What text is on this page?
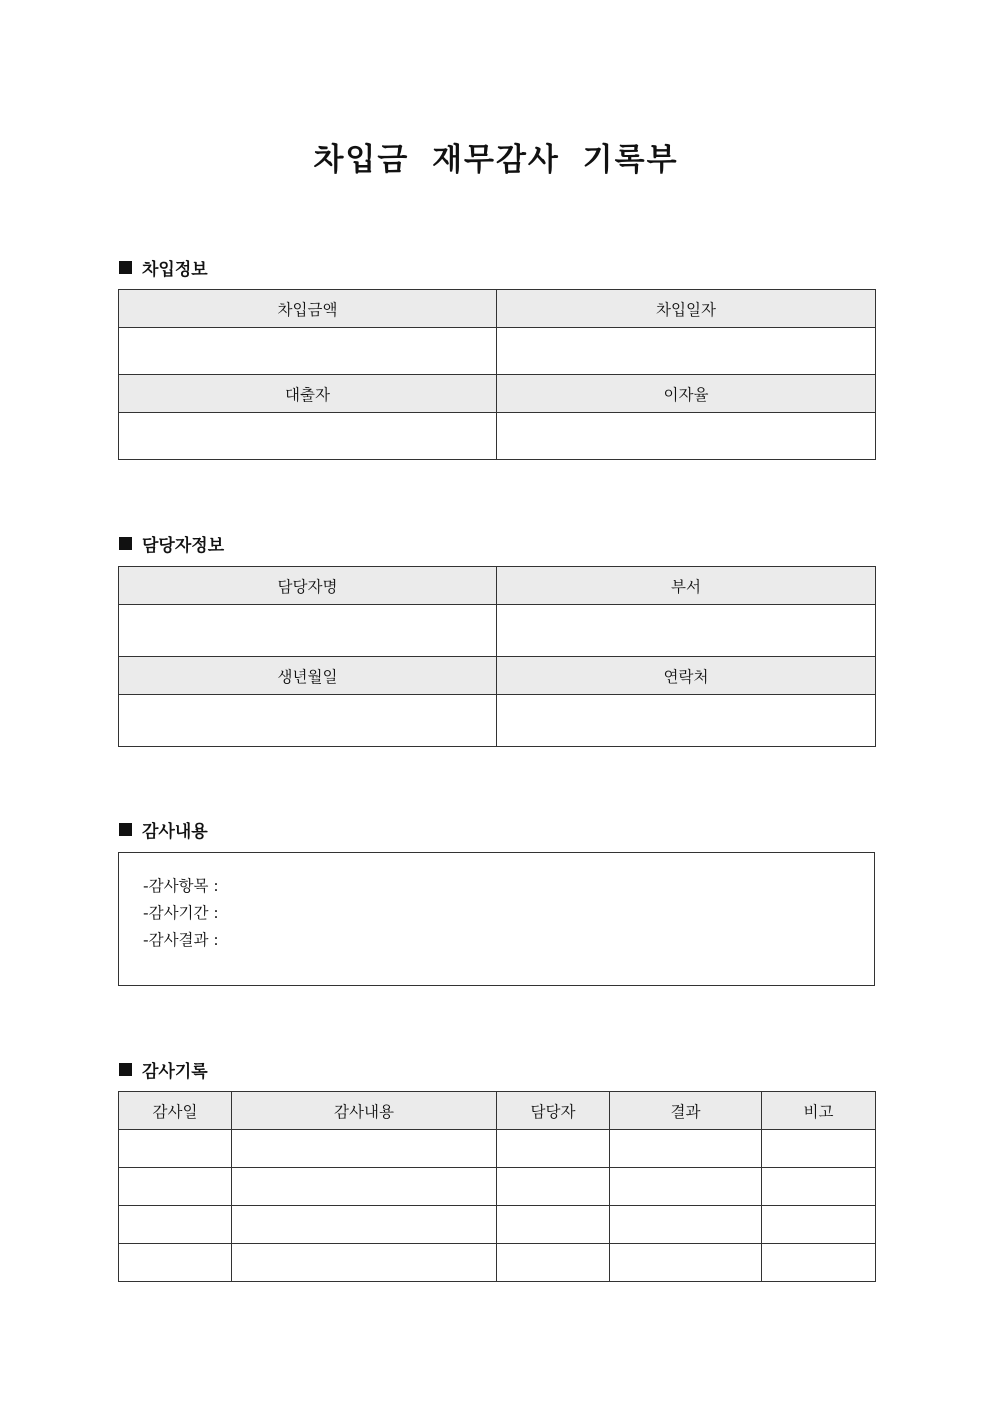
차입금 재무감사 기록부
차입정보
차입금액	차입일자

대출자	이자율

담당자정보
담당자명	부서

생년월일	연락처

감사내용
-감사항목 :
-감사기간 :
-감사결과 :
감사기록
감사일	감사내용	담당자	결과	비고
